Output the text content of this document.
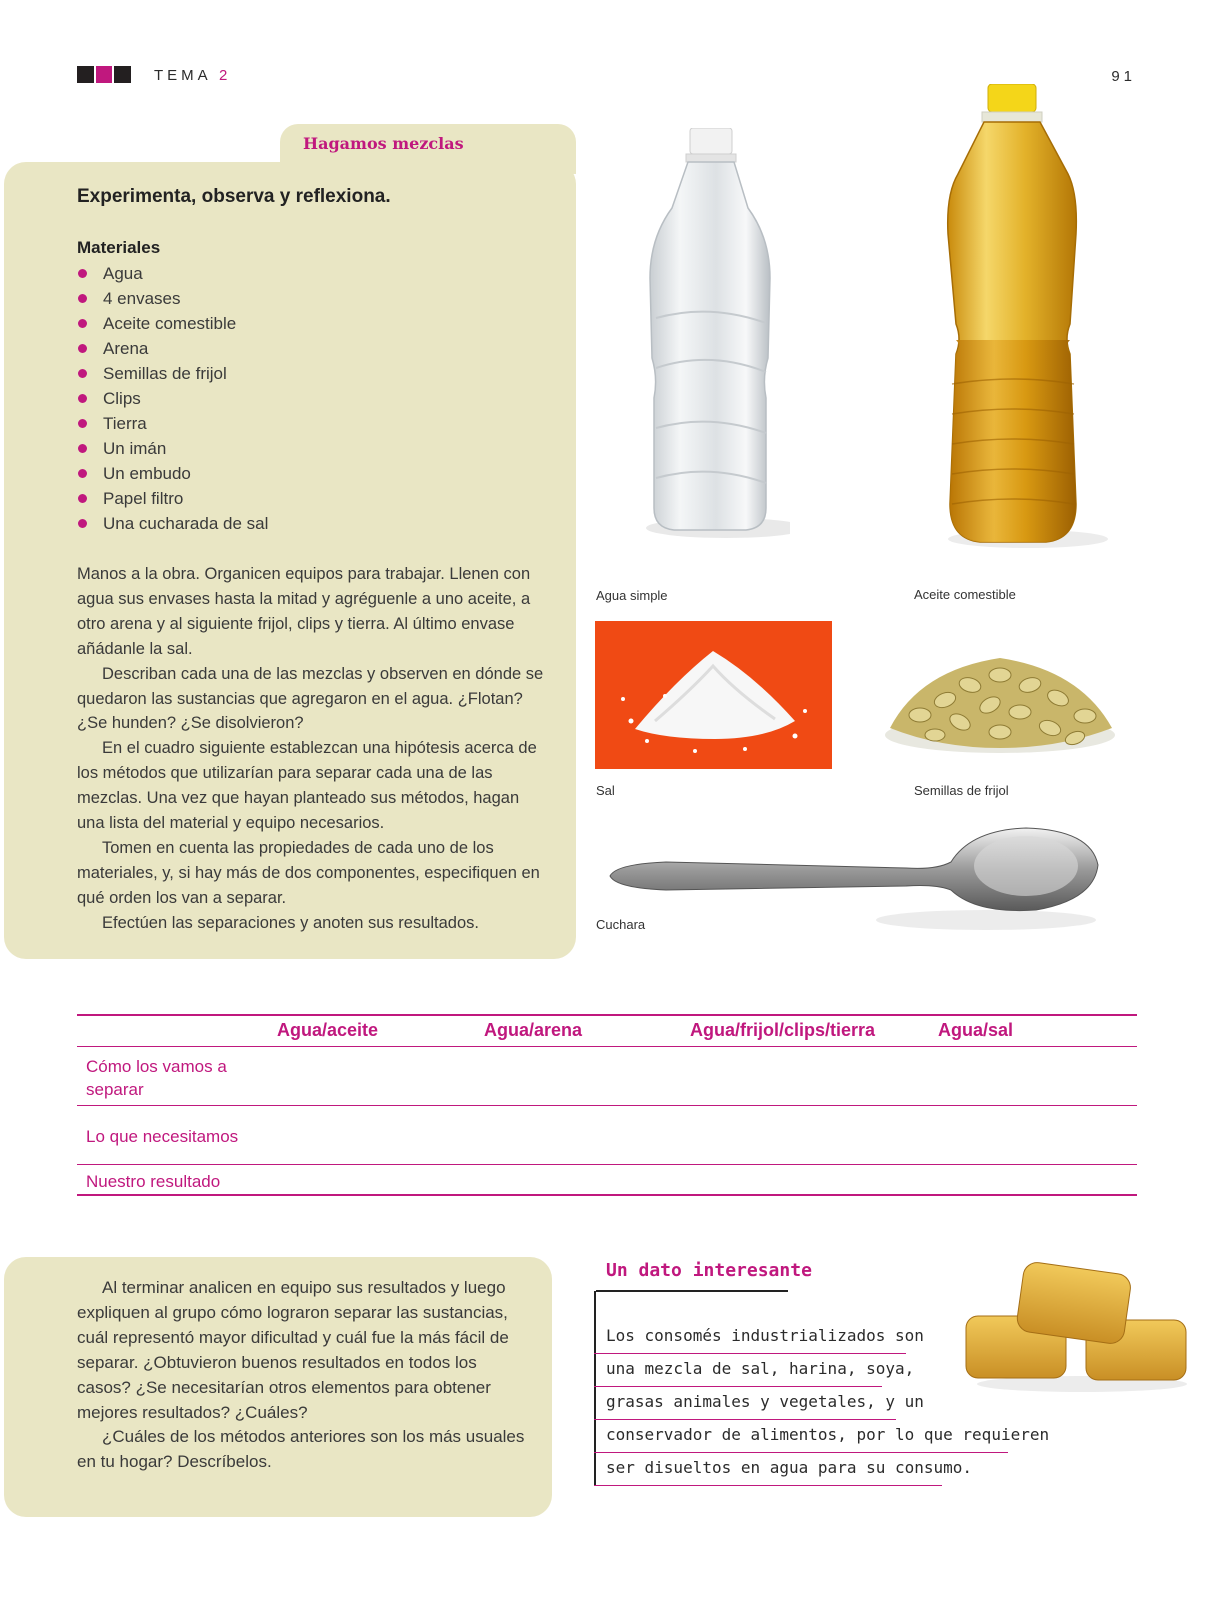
TEMA 2	91
Hagamos mezclas
Experimenta, observa y reflexiona.
Materiales
Agua
4 envases
Aceite comestible
Arena
Semillas de frijol
Clips
Tierra
Un imán
Un embudo
Papel filtro
Una cucharada de sal

Manos a la obra. Organicen equipos para trabajar. Llenen con agua sus envases hasta la mitad y agréguenle a uno aceite, a otro arena y al siguiente frijol, clips y tierra. Al último envase añádanle la sal.

Describan cada una de las mezclas y observen en dónde se quedaron las sustancias que agregaron en el agua. ¿Flotan? ¿Se hunden? ¿Se disolvieron?

En el cuadro siguiente establezcan una hipótesis acerca de los métodos que utilizarían para separar cada una de las mezclas. Una vez que hayan planteado sus métodos, hagan una lista del material y equipo necesarios.

Tomen en cuenta las propiedades de cada uno de los materiales, y, si hay más de dos componentes, especifiquen en qué orden los van a separar.

Efectúen las separaciones y anoten sus resultados.

Agua simple	Aceite comestible
Sal	Semillas de frijol
Cuchara
Agua/aceite	Agua/arena	Agua/frijol/clips/tierra	Agua/sal
Cómo los vamos a separar
Lo que necesitamos
Nuestro resultado

Al terminar analicen en equipo sus resultados y luego expliquen al grupo cómo lograron separar las sustancias, cuál representó mayor dificultad y cuál fue la más fácil de separar. ¿Obtuvieron buenos resultados en todos los casos? ¿Se necesitarían otros elementos para obtener mejores resultados? ¿Cuáles?

¿Cuáles de los métodos anteriores son los más usuales en tu hogar? Descríbelos.

Un dato interesante
Los consomés industrializados son
una mezcla de sal, harina, soya,
grasas animales y vegetales, y un
conservador de alimentos, por lo que requieren
ser disueltos en agua para su consumo.
